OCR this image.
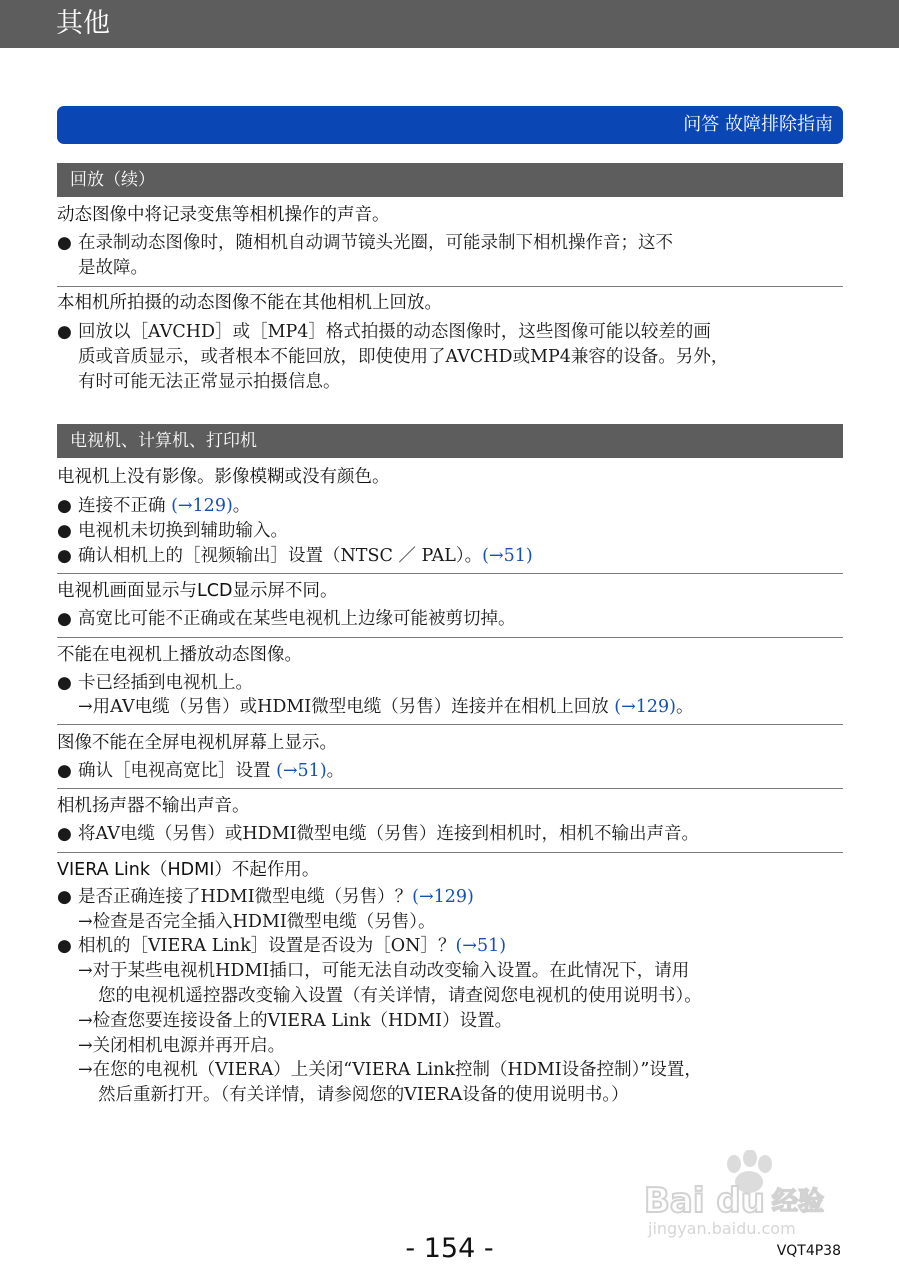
其他
问答 故障排除指南
回放（续）
动态图像中将记录变焦等相机操作的声音。
● 在录制动态图像时，随相机自动调节镜头光圈，可能录制下相机操作音；这不
是故障。
本相机所拍摄的动态图像不能在其他相机上回放。
● 回放以［AVCHD］或［MP4］格式拍摄的动态图像时，这些图像可能以较差的画
质或音质显示，或者根本不能回放，即使使用了AVCHD或MP4兼容的设备。另外，
有时可能无法正常显示拍摄信息。
电视机、计算机、打印机
电视机上没有影像。影像模糊或没有颜色。
● 连接不正确 (→129)。
● 电视机未切换到辅助输入。
● 确认相机上的［视频输出］设置（NTSC ／ PAL）。(→51)
电视机画面显示与LCD显示屏不同。
● 高宽比可能不正确或在某些电视机上边缘可能被剪切掉。
不能在电视机上播放动态图像。
● 卡已经插到电视机上。
→用AV电缆（另售）或HDMI微型电缆（另售）连接并在相机上回放 (→129)。
图像不能在全屏电视机屏幕上显示。
● 确认［电视高宽比］设置 (→51)。
相机扬声器不输出声音。
● 将AV电缆（另售）或HDMI微型电缆（另售）连接到相机时，相机不输出声音。
VIERA Link（HDMI）不起作用。
● 是否正确连接了HDMI微型电缆（另售）？(→129)
→检查是否完全插入HDMI微型电缆（另售）。
● 相机的［VIERA Link］设置是否设为［ON］？(→51)
→对于某些电视机HDMI插口，可能无法自动改变输入设置。在此情况下，请用
您的电视机遥控器改变输入设置（有关详情，请查阅您电视机的使用说明书）。
→检查您要连接设备上的VIERA Link（HDMI）设置。
→关闭相机电源并再开启。
→在您的电视机（VIERA）上关闭“VIERA Link控制（HDMI设备控制）”设置，
然后重新打开。（有关详情，请参阅您的VIERA设备的使用说明书。）
Bai du 经验
jingyan.baidu.com
- 154 -	VQT4P38
